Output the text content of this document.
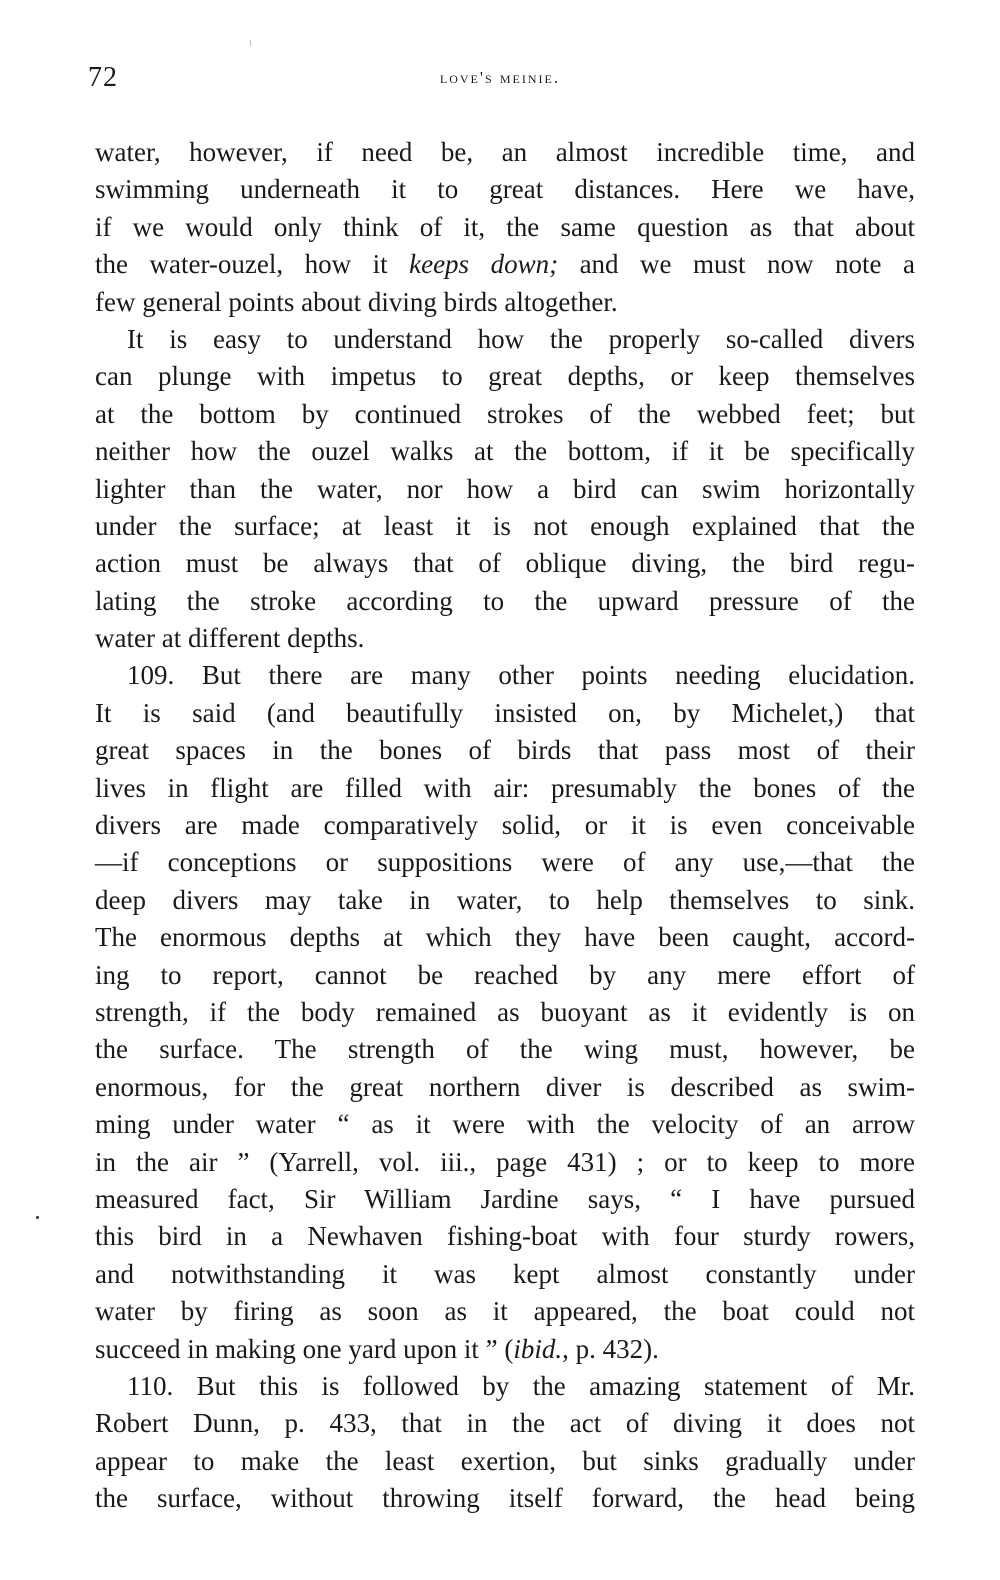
72	love's meinie.
water, however, if need be, an almost incredible time, and
swimming underneath it to great distances. Here we have,
if we would only think of it, the same question as that about
the water-ouzel, how it keeps down; and we must now note a
few general points about diving birds altogether.
It is easy to understand how the properly so-called divers
can plunge with impetus to great depths, or keep themselves
at the bottom by continued strokes of the webbed feet; but
neither how the ouzel walks at the bottom, if it be specifically
lighter than the water, nor how a bird can swim horizontally
under the surface; at least it is not enough explained that the
action must be always that of oblique diving, the bird regu-
lating the stroke according to the upward pressure of the
water at different depths.
109. But there are many other points needing elucidation.
It is said (and beautifully insisted on, by Michelet,) that
great spaces in the bones of birds that pass most of their
lives in flight are filled with air: presumably the bones of the
divers are made comparatively solid, or it is even conceivable
—if conceptions or suppositions were of any use,—that the
deep divers may take in water, to help themselves to sink.
The enormous depths at which they have been caught, accord-
ing to report, cannot be reached by any mere effort of
strength, if the body remained as buoyant as it evidently is on
the surface. The strength of the wing must, however, be
enormous, for the great northern diver is described as swim-
ming under water “ as it were with the velocity of an arrow
in the air ” (Yarrell, vol. iii., page 431) ; or to keep to more
measured fact, Sir William Jardine says, “ I have pursued
this bird in a Newhaven fishing-boat with four sturdy rowers,
and notwithstanding it was kept almost constantly under
water by firing as soon as it appeared, the boat could not
succeed in making one yard upon it ” (ibid., p. 432).
110. But this is followed by the amazing statement of Mr.
Robert Dunn, p. 433, that in the act of diving it does not
appear to make the least exertion, but sinks gradually under
the surface, without throwing itself forward, the head being
